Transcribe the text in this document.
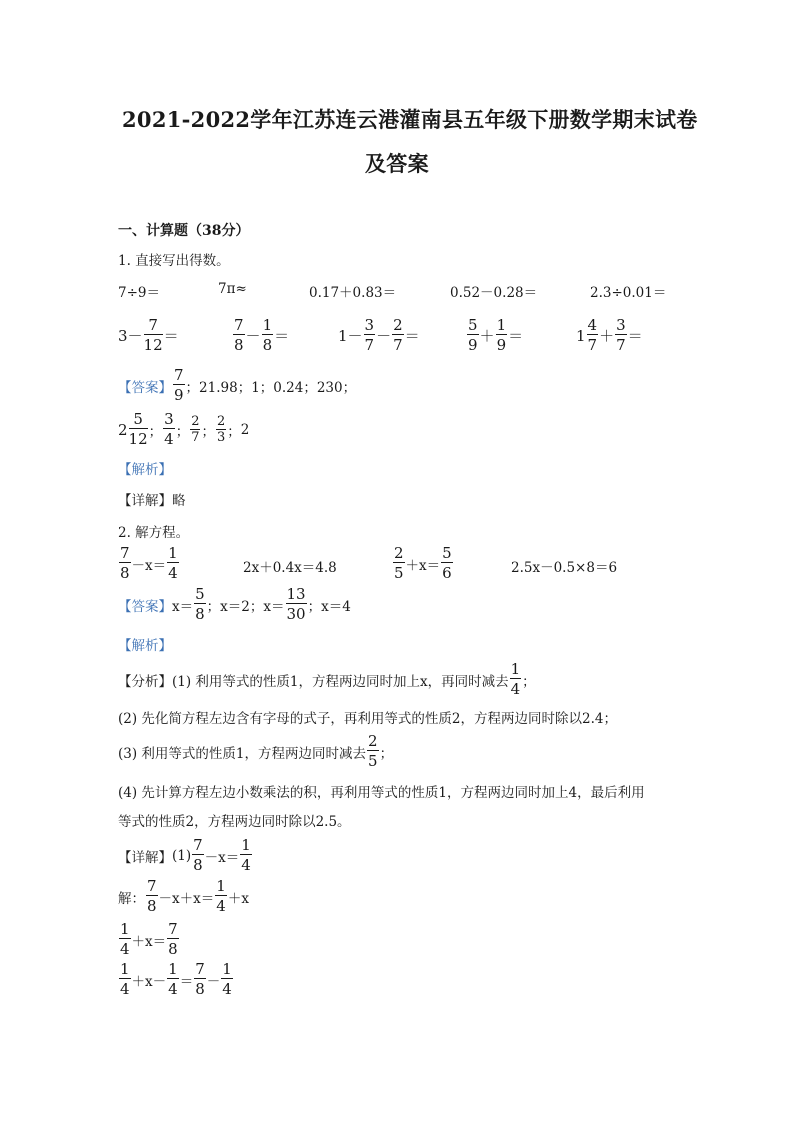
2021-2022学年江苏连云港灌南县五年级下册数学期末试卷
及答案
一、计算题（38分）
1. 直接写出得数。
7÷9＝	7π≈	0.17＋0.83＝	0.52－0.28＝	2.3÷0.01＝
$3- \frac{7}{12}$ ＝	$\frac{7}{8} - \frac{1}{8}$ ＝	$1- \frac{3}{7} - \frac{2}{7}$ ＝	$\frac{5}{9} + \frac{1}{9}$ ＝	$1 \frac{4}{7} + \frac{3}{7}$ ＝
【答案】 $\frac{7}{9}$ ；21.98；1；0.24；230；
$2 \frac{5}{12}$ ； $\frac{3}{4}$ ； $\frac{2}{7}$ ； $\frac{2}{3}$ ； 2
【解析】
【详解】略
2. 解方程。
$\frac{7}{8} -x= \frac{1}{4}$	2x＋0.4x＝4.8	$\frac{2}{5} +x= \frac{5}{6}$	2.5x－0.5×8＝6
【答案】 $x= \frac{5}{8}$ ；x＝2；$x= \frac{13}{30}$ ；x＝4
【解析】
【分析】 (1) 利用等式的性质1，方程两边同时加上x，再同时减去 $\frac{1}{4}$ ；
(2) 先化简方程左边含有字母的式子，再利用等式的性质2，方程两边同时除以2.4；
(3) 利用等式的性质1，方程两边同时减去 $\frac{2}{5}$ ；
(4) 先计算方程左边小数乘法的积，再利用等式的性质1，方程两边同时加上4，最后利用
等式的性质2，方程两边同时除以2.5。
【详解】 $(1) \frac{7}{8} -x= \frac{1}{4}$
解： $\frac{7}{8} -x+x= \frac{1}{4} +x$
$\frac{1}{4} +x= \frac{7}{8}$
$\frac{1}{4} +x- \frac{1}{4} = \frac{7}{8} - \frac{1}{4}$
